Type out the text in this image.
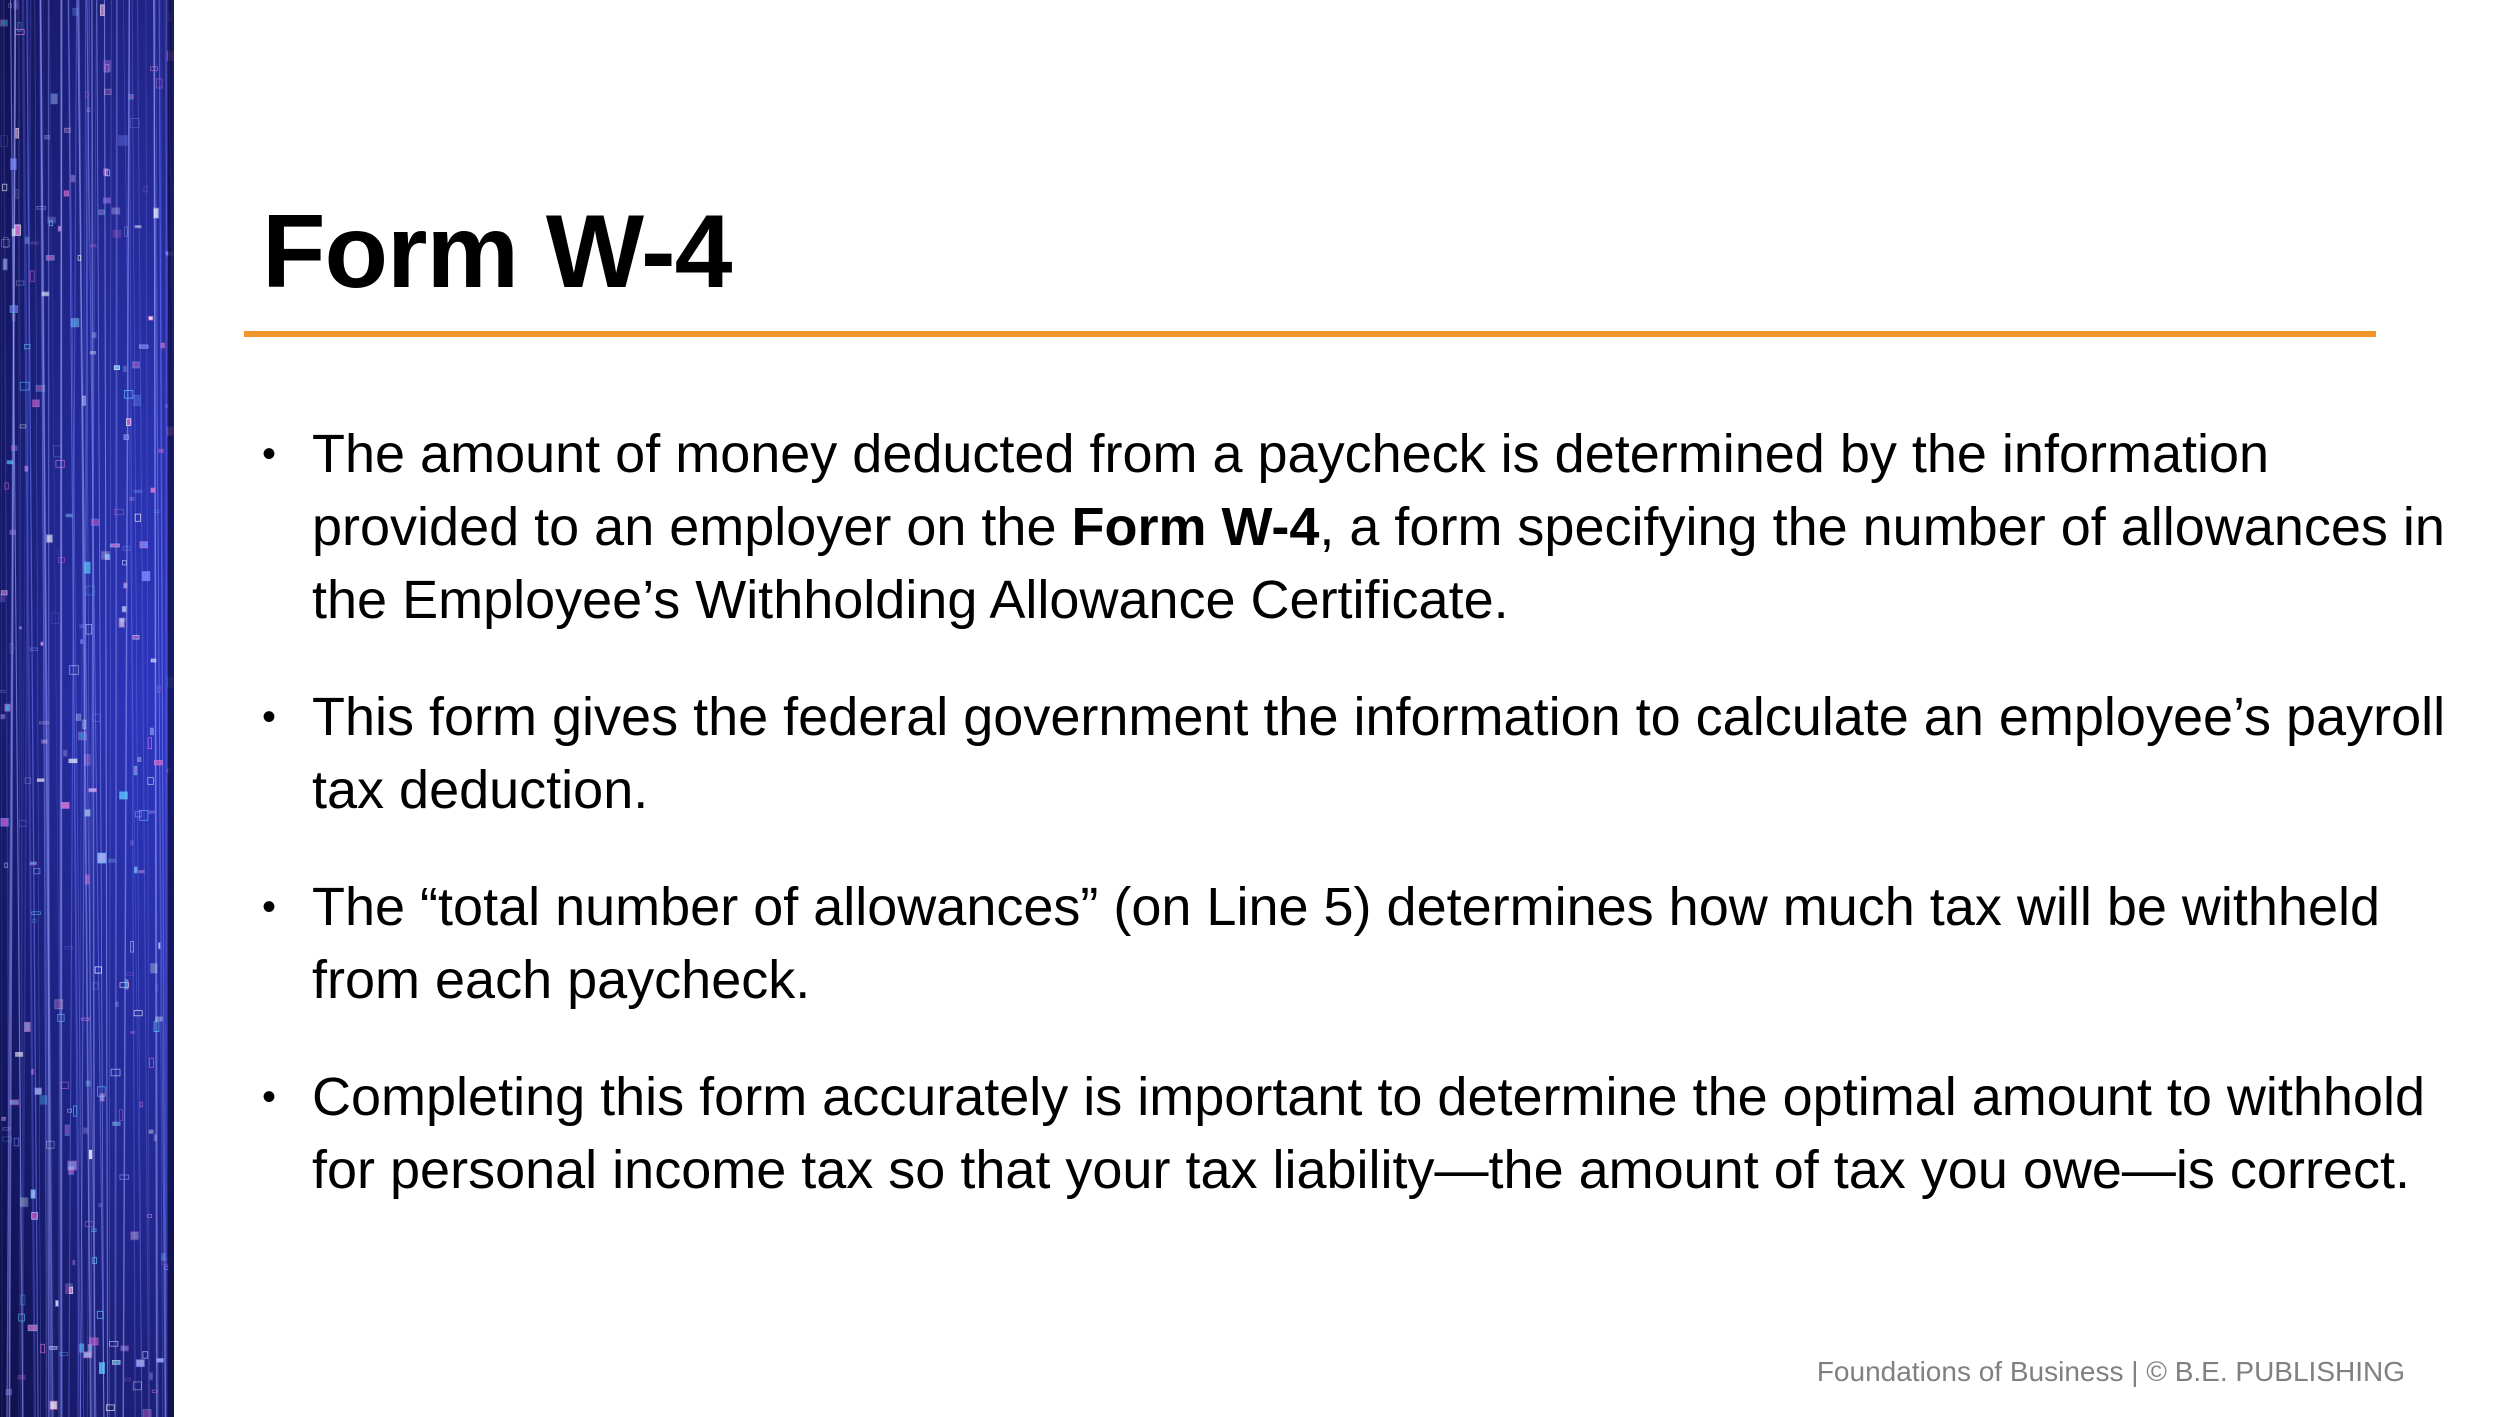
Form W-4
• The amount of money deducted from a paycheck is determined by the information provided to an employer on the Form W-4, a form specifying the number of allowances in the Employee’s Withholding Allowance Certificate.
• This form gives the federal government the information to calculate an employee’s payroll tax deduction.
• The “total number of allowances” (on Line 5) determines how much tax will be withheld from each paycheck.
• Completing this form accurately is important to determine the optimal amount to withhold for personal income tax so that your tax liability—the amount of tax you owe—is correct.
Foundations of Business | © B.E. PUBLISHING
